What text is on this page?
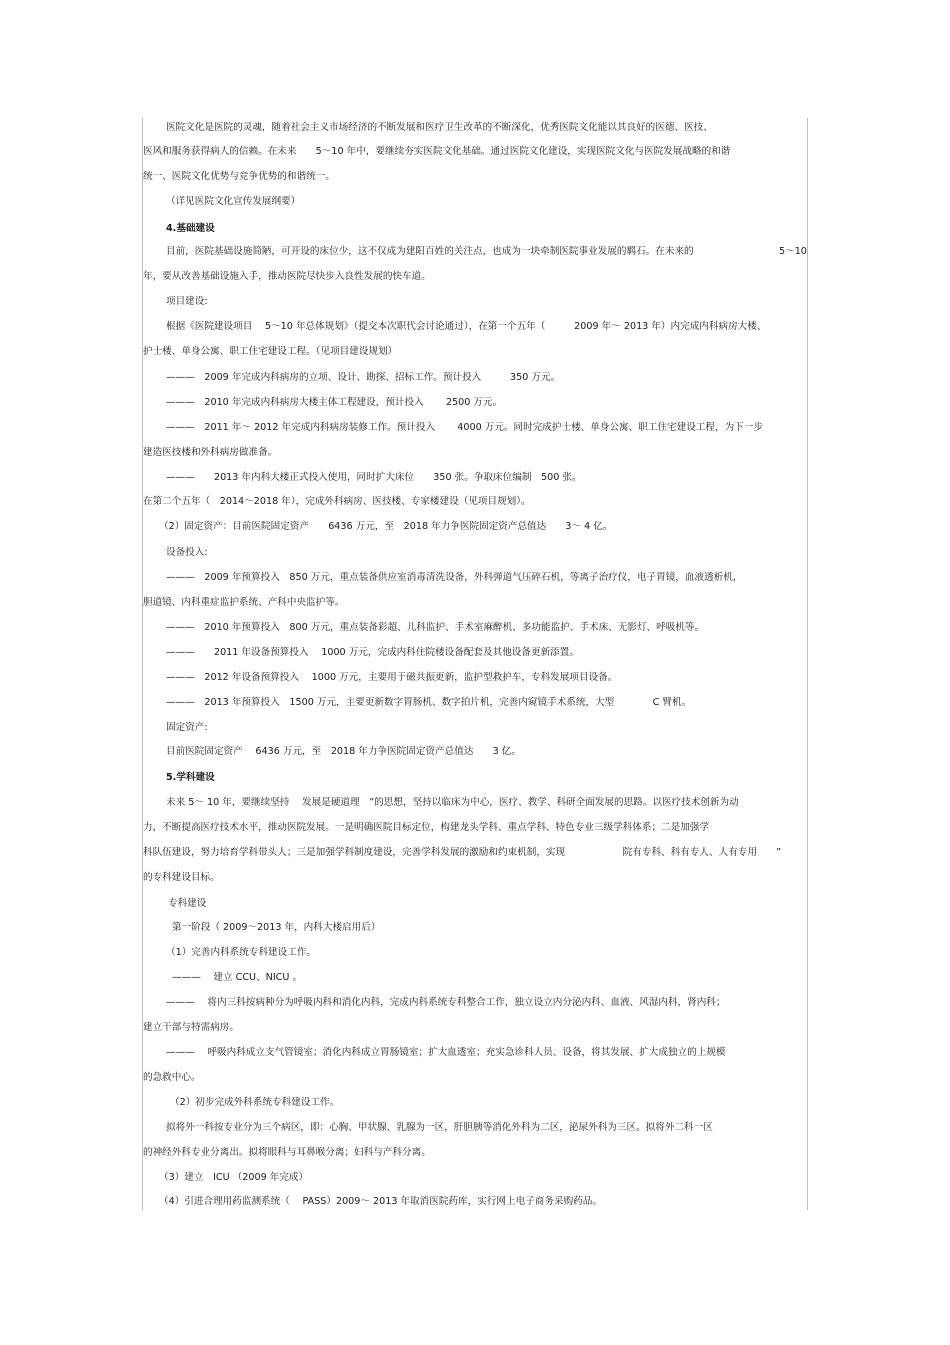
医院文化是医院的灵魂，随着社会主义市场经济的不断发展和医疗卫生改革的不断深化，优秀医院文化能以其良好的医德、医技、
医风和服务获得病人的信赖。在未来　　5～10 年中，要继续夯实医院文化基础。通过医院文化建设，实现医院文化与医院发展战略的和谐
统一、医院文化优势与竞争优势的和谐统一。
（详见医院文化宣传发展纲要）
4.基础建设
目前，医院基础设施简陋，可开设的床位少，这不仅成为建阳百姓的关注点，也成为一块牵制医院事业发展的羁石。在未来的	5～10
年，要从改善基础设施入手，推动医院尽快步入良性发展的快车道。
项目建设:
根据《医院建设项目　 5～10 年总体规划》（提交本次职代会讨论通过），在第一个五年（　　　2009 年～ 2013 年）内完成内科病房大楼、
护士楼、单身公寓、职工住宅建设工程。（见项目建设规划）
———　2009 年完成内科病房的立项、设计、勘探、招标工作。预计投入　　　350 万元。
———　2010 年完成内科病房大楼主体工程建设，预计投入　　 2500 万元。
———　2011 年～ 2012 年完成内科病房装修工作。预计投入　　 4000 万元。同时完成护士楼、单身公寓、职工住宅建设工程，为下一步
建造医技楼和外科病房做准备。
———　　2013 年内科大楼正式投入使用，同时扩大床位　　350 张。争取床位编制　500 张。
在第二个五年（　2014～2018 年），完成外科病房、医技楼、专家楼建设（见项目规划）。
（2）固定资产：目前医院固定资产　　6436 万元，至　2018 年力争医院固定资产总值达　　3～ 4 亿。
设备投入:
———　2009 年预算投入　850 万元，重点装备供应室消毒清洗设备，外科弹道气压碎石机，等离子治疗仪，电子胃镜，血液透析机，
胆道镜、内科重症监护系统、产科中央监护等。
———　2010 年预算投入　800 万元，重点装备彩超、儿科监护、手术室麻醉机、多功能监护、手术床、无影灯、呼吸机等。
———　　2011 年设备预算投入　 1000 万元，完成内科住院楼设备配套及其他设备更新添置。
———　2012 年设备预算投入　 1000 万元，主要用于磁共振更新，监护型救护车，专科发展项目设备。
———　2013 年预算投入　1500 万元，主要更新数字胃肠机、数字拍片机，完善内窥镜手术系统，大型　　　　C 臂机。
固定资产:
目前医院固定资产　 6436 万元，至　2018 年力争医院固定资产总值达　　3 亿。
5.学科建设
未来 5～ 10 年，要继续坚持　 发展是硬道理　”的思想，坚持以临床为中心，医疗、教学、科研全面发展的思路。以医疗技术创新为动
力，不断提高医疗技术水平，推动医院发展。一是明确医院目标定位，构建龙头学科、重点学科、特色专业三级学科体系；二是加强学
科队伍建设，努力培育学科带头人；三是加强学科制度建设，完善学科发展的激励和约束机制，实现　　　　　　院有专科、科有专人、人有专用　　”
的专科建设目标。
专科建设
第一阶段（ 2009～2013 年，内科大楼启用后）
（1）完善内科系统专科建设工作。
———　 建立 CCU、NICU 。
———　 将内三科按病种分为呼吸内科和消化内科，完成内科系统专科整合工作，独立设立内分泌内科、血液、风湿内科，肾内科；
建立干部与特需病房。
———　 呼吸内科成立支气管镜室；消化内科成立胃肠镜室；扩大血透室；充实急诊科人员、设备，将其发展、扩大成独立的上规模
的急救中心。
（2）初步完成外科系统专科建设工作。
拟将外一科按专业分为三个病区，即：心胸、甲状腺、乳腺为一区，肝胆胰等消化外科为二区，泌尿外科为三区。拟将外二科一区
的神经外科专业分离出。拟将眼科与耳鼻喉分离；妇科与产科分离。
（3）建立　ICU （2009 年完成）
（4）引进合理用药监测系统（　 PASS）2009～ 2013 年取消医院药库，实行网上电子商务采购药品。
